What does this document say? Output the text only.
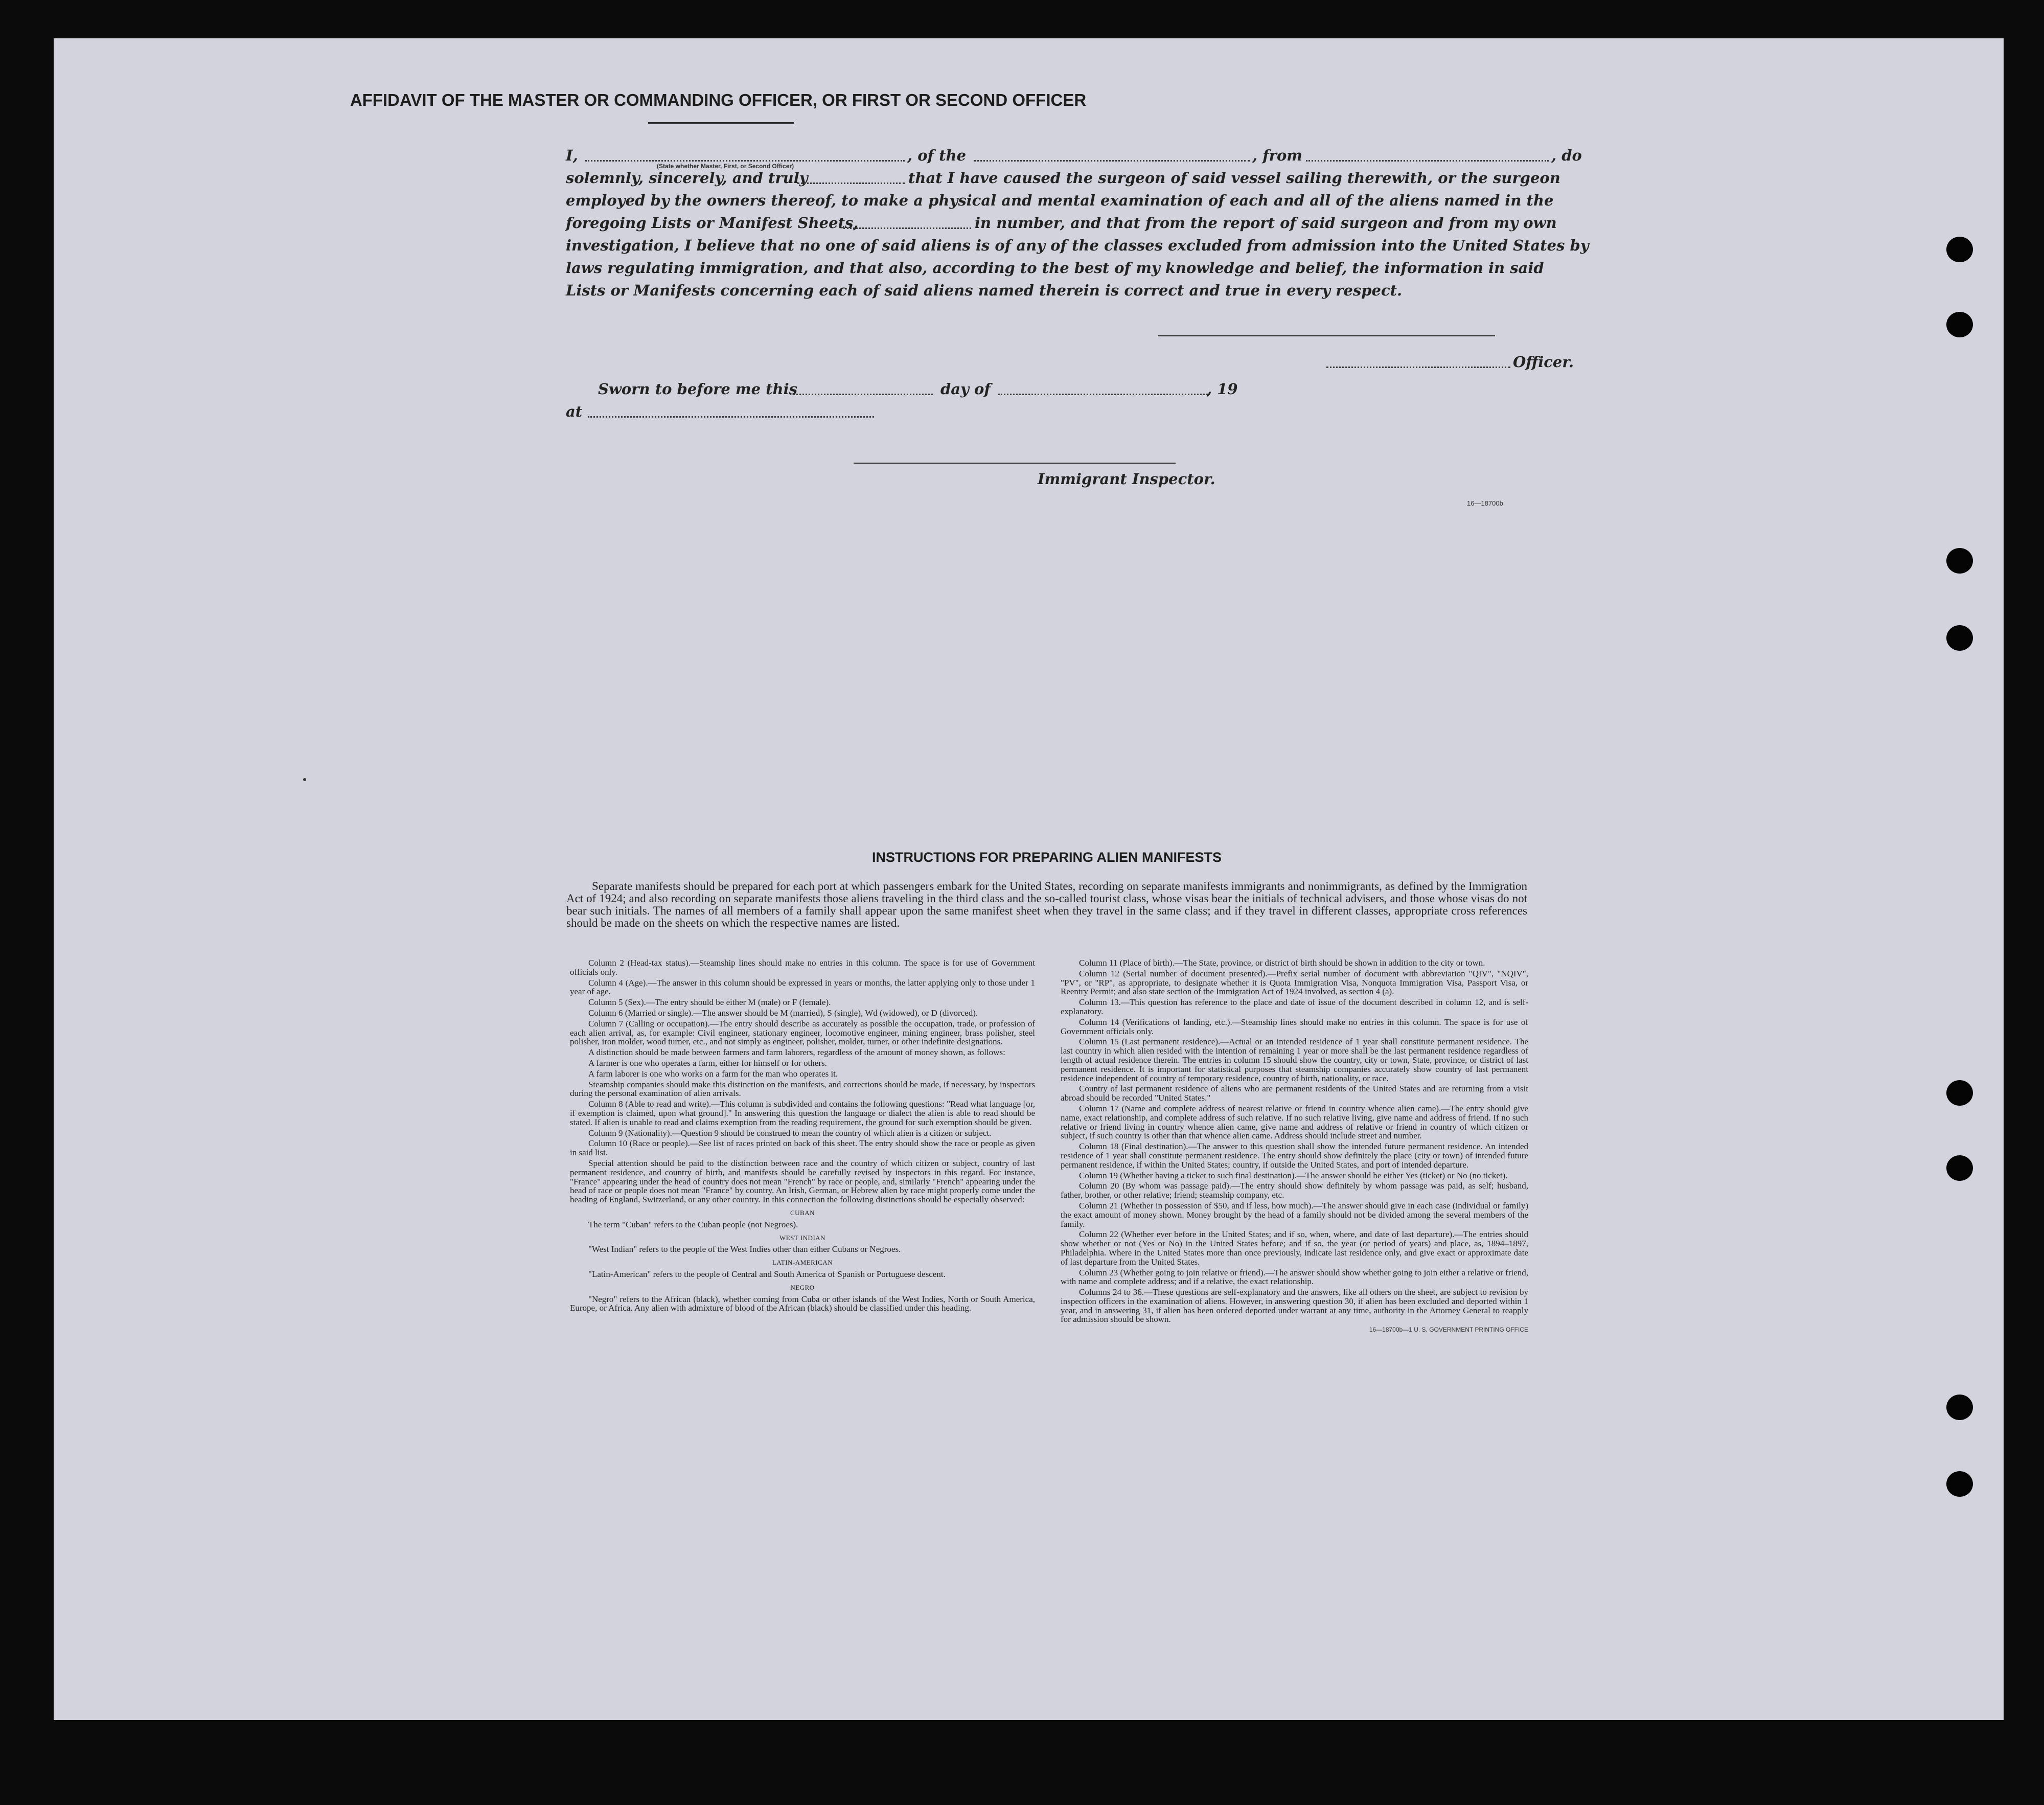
AFFIDAVIT OF THE MASTER OR COMMANDING OFFICER, OR FIRST OR SECOND OFFICER
I,	, of the	, from	, do
(State whether Master, First, or Second Officer)
solemnly, sincerely, and truly	that I have caused the surgeon of said vessel sailing therewith, or the surgeon
employed by the owners thereof, to make a physical and mental examination of each and all of the aliens named in the
foregoing Lists or Manifest Sheets,	in number, and that from the report of said surgeon and from my own
investigation, I believe that no one of said aliens is of any of the classes excluded from admission into the United States by
laws regulating immigration, and that also, according to the best of my knowledge and belief, the information in said
Lists or Manifests concerning each of said aliens named therein is correct and true in every respect.
Officer.
Sworn to before me this	day of	, 19
at
Immigrant Inspector.
16—18700b
INSTRUCTIONS FOR PREPARING ALIEN MANIFESTS
Separate manifests should be prepared for each port at which passengers embark for the United States, recording on separate manifests immigrants and nonimmigrants, as defined by the Immigration Act of 1924; and also recording on separate manifests those aliens traveling in the third class and the so-called tourist class, whose visas bear the initials of technical advisers, and those whose visas do not bear such initials. The names of all members of a family shall appear upon the same manifest sheet when they travel in the same class; and if they travel in different classes, appropriate cross references should be made on the sheets on which the respective names are listed.

Column 2 (Head-tax status).—Steamship lines should make no entries in this column. The space is for use of Government officials only.

Column 4 (Age).—The answer in this column should be expressed in years or months, the latter applying only to those under 1 year of age.

Column 5 (Sex).—The entry should be either M (male) or F (female).

Column 6 (Married or single).—The answer should be M (married), S (single), Wd (widowed), or D (divorced).

Column 7 (Calling or occupation).—The entry should describe as accurately as possible the occupation, trade, or profession of each alien arrival, as, for example: Civil engineer, stationary engineer, locomotive engineer, mining engineer, brass polisher, steel polisher, iron molder, wood turner, etc., and not simply as engineer, polisher, molder, turner, or other indefinite designations.

A distinction should be made between farmers and farm laborers, regardless of the amount of money shown, as follows:

A farmer is one who operates a farm, either for himself or for others.

A farm laborer is one who works on a farm for the man who operates it.

Steamship companies should make this distinction on the manifests, and corrections should be made, if necessary, by inspectors during the personal examination of alien arrivals.

Column 8 (Able to read and write).—This column is subdivided and contains the following questions: "Read what language [or, if exemption is claimed, upon what ground]." In answering this question the language or dialect the alien is able to read should be stated. If alien is unable to read and claims exemption from the reading requirement, the ground for such exemption should be given.

Column 9 (Nationality).—Question 9 should be construed to mean the country of which alien is a citizen or subject.

Column 10 (Race or people).—See list of races printed on back of this sheet. The entry should show the race or people as given in said list.

Special attention should be paid to the distinction between race and the country of which citizen or subject, country of last permanent residence, and country of birth, and manifests should be carefully revised by inspectors in this regard. For instance, "France" appearing under the head of country does not mean "French" by race or people, and, similarly "French" appearing under the head of race or people does not mean "France" by country. An Irish, German, or Hebrew alien by race might properly come under the heading of England, Switzerland, or any other country. In this connection the following distinctions should be especially observed:

CUBAN

The term "Cuban" refers to the Cuban people (not Negroes).

WEST INDIAN

"West Indian" refers to the people of the West Indies other than either Cubans or Negroes.

LATIN-AMERICAN

"Latin-American" refers to the people of Central and South America of Spanish or Portuguese descent.

NEGRO

"Negro" refers to the African (black), whether coming from Cuba or other islands of the West Indies, North or South America, Europe, or Africa. Any alien with admixture of blood of the African (black) should be classified under this heading.

Column 11 (Place of birth).—The State, province, or district of birth should be shown in addition to the city or town.

Column 12 (Serial number of document presented).—Prefix serial number of document with abbreviation "QIV", "NQIV", "PV", or "RP", as appropriate, to designate whether it is Quota Immigration Visa, Nonquota Immigration Visa, Passport Visa, or Reentry Permit; and also state section of the Immigration Act of 1924 involved, as section 4 (a).

Column 13.—This question has reference to the place and date of issue of the document described in column 12, and is self-explanatory.

Column 14 (Verifications of landing, etc.).—Steamship lines should make no entries in this column. The space is for use of Government officials only.

Column 15 (Last permanent residence).—Actual or an intended residence of 1 year shall constitute permanent residence. The last country in which alien resided with the intention of remaining 1 year or more shall be the last permanent residence regardless of length of actual residence therein. The entries in column 15 should show the country, city or town, State, province, or district of last permanent residence. It is important for statistical purposes that steamship companies accurately show country of last permanent residence independent of country of temporary residence, country of birth, nationality, or race.

Country of last permanent residence of aliens who are permanent residents of the United States and are returning from a visit abroad should be recorded "United States."

Column 17 (Name and complete address of nearest relative or friend in country whence alien came).—The entry should give name, exact relationship, and complete address of such relative. If no such relative living, give name and address of friend. If no such relative or friend living in country whence alien came, give name and address of relative or friend in country of which citizen or subject, if such country is other than that whence alien came. Address should include street and number.

Column 18 (Final destination).—The answer to this question shall show the intended future permanent residence. An intended residence of 1 year shall constitute permanent residence. The entry should show definitely the place (city or town) of intended future permanent residence, if within the United States; country, if outside the United States, and port of intended departure.

Column 19 (Whether having a ticket to such final destination).—The answer should be either Yes (ticket) or No (no ticket).

Column 20 (By whom was passage paid).—The entry should show definitely by whom passage was paid, as self; husband, father, brother, or other relative; friend; steamship company, etc.

Column 21 (Whether in possession of $50, and if less, how much).—The answer should give in each case (individual or family) the exact amount of money shown. Money brought by the head of a family should not be divided among the several members of the family.

Column 22 (Whether ever before in the United States; and if so, when, where, and date of last departure).—The entries should show whether or not (Yes or No) in the United States before; and if so, the year (or period of years) and place, as, 1894–1897, Philadelphia. Where in the United States more than once previously, indicate last residence only, and give exact or approximate date of last departure from the United States.

Column 23 (Whether going to join relative or friend).—The answer should show whether going to join either a relative or friend, with name and complete address; and if a relative, the exact relationship.

Columns 24 to 36.—These questions are self-explanatory and the answers, like all others on the sheet, are subject to revision by inspection officers in the examination of aliens. However, in answering question 30, if alien has been excluded and deported within 1 year, and in answering 31, if alien has been ordered deported under warrant at any time, authority in the Attorney General to reapply for admission should be shown.

16—18700b—1 U. S. GOVERNMENT PRINTING OFFICE
